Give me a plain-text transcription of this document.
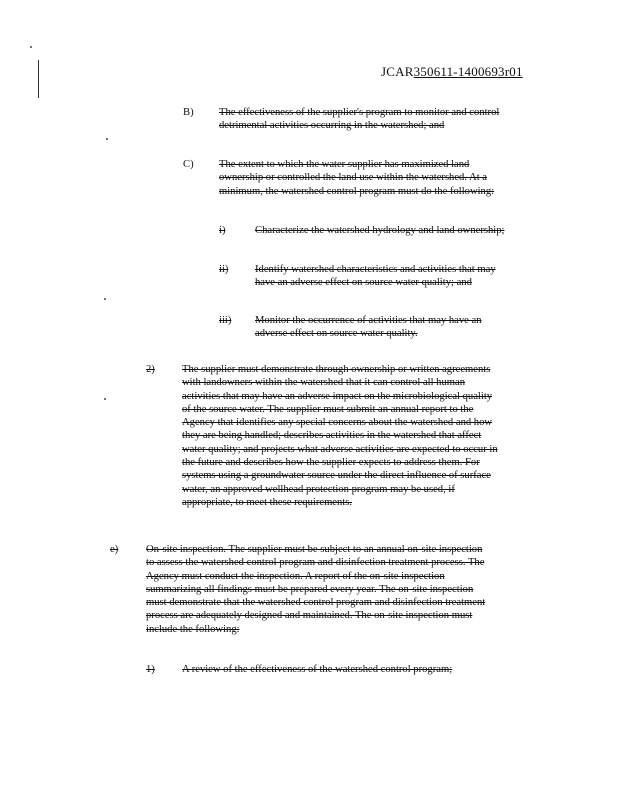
JCAR350611-1400693r01
B) The effectiveness of the supplier's program to monitor and control
detrimental activities occurring in the watershed; and
C) The extent to which the water supplier has maximized land
ownership or controlled the land use within the watershed. At a
minimum, the watershed control program must do the following:
i)	Characterize the watershed hydrology and land ownership;
ii)	Identify watershed characteristics and activities that may
have an adverse effect on source water quality; and
iii) Monitor the occurrence of activities that may have an
adverse effect on source water quality.
2)	The supplier must demonstrate through ownership or written agreements
with landowners within the watershed that it can control all human
activities that may have an adverse impact on the microbiological quality
of the source water. The supplier must submit an annual report to the
Agency that identifies any special concerns about the watershed and how
they are being handled; describes activities in the watershed that affect
water quality; and projects what adverse activities are expected to occur in
the future and describes how the supplier expects to address them. For
systems using a groundwater source under the direct influence of surface
water, an approved wellhead protection program may be used, if
appropriate, to meet these requirements.
e)	On-site inspection. The supplier must be subject to an annual on-site inspection
to assess the watershed control program and disinfection treatment process. The
Agency must conduct the inspection. A report of the on-site inspection
summarizing all findings must be prepared every year. The on-site inspection
must demonstrate that the watershed control program and disinfection treatment
process are adequately designed and maintained. The on-site inspection must
include the following:
1)	A review of the effectiveness of the watershed control program;
